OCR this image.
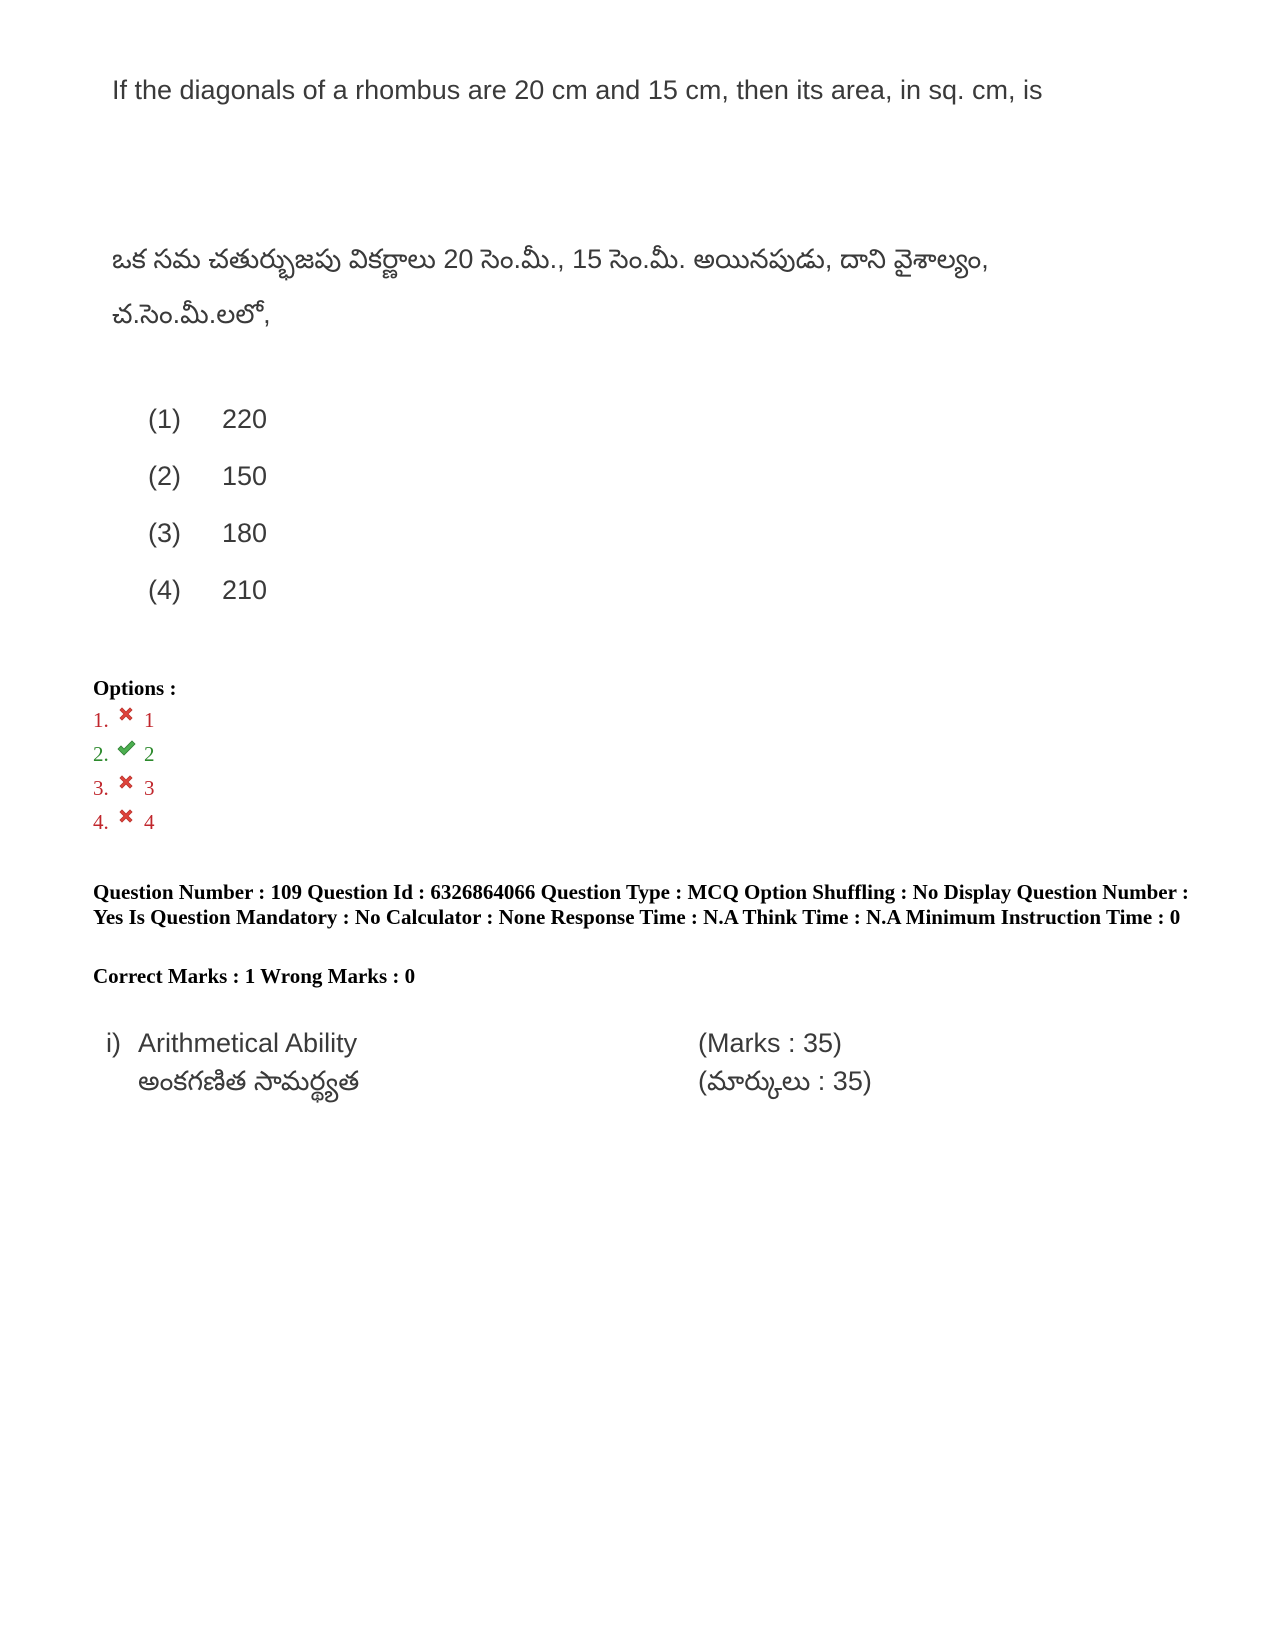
If the diagonals of a rhombus are 20 cm and 15 cm, then its area, in sq. cm, is
ఒక సమ చతుర్భుజపు వికర్ణాలు 20 సెం.మీ., 15 సెం.మీ. అయినపుడు, దాని వైశాల్యం, చ.సెం.మీ.లలో,
(1)	220
(2)	150
(3)	180
(4)	210
Options :
1.	1
2.	2
3.	3
4.	4
Question Number : 109 Question Id : 6326864066 Question Type : MCQ Option Shuffling : No Display Question Number : Yes Is Question Mandatory : No Calculator : None Response Time : N.A Think Time : N.A Minimum Instruction Time : 0
Correct Marks : 1 Wrong Marks : 0
i) Arithmetical Ability	(Marks : 35)
అంకగణిత సామర్థ్యత	(మార్కులు : 35)
